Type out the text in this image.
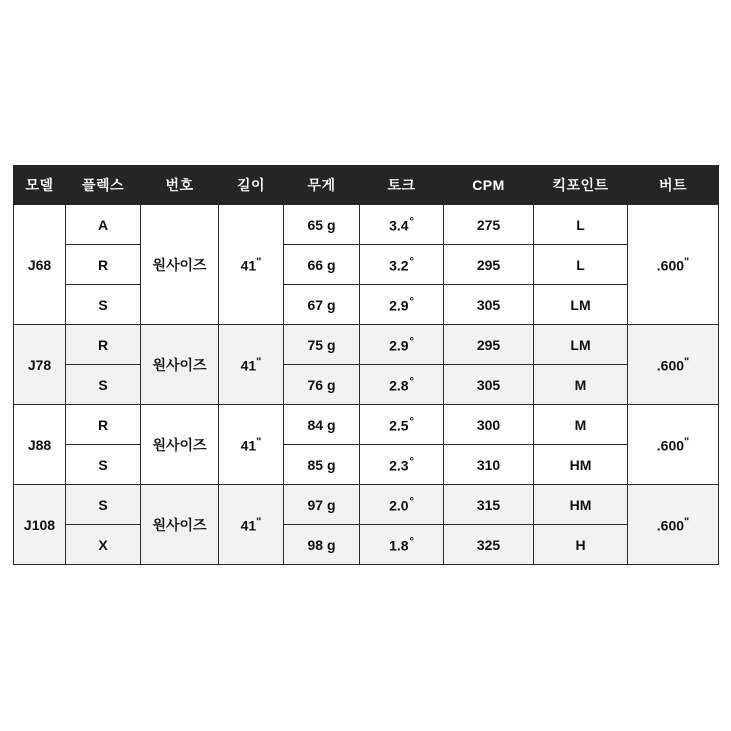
모델	플렉스	번호	길이	무게	토크	CPM	킥포인트	버트
J68	A	원사이즈	41"	65 g	3.4°	275	L	.600"
	R			66 g	3.2°	295	L	
	S			67 g	2.9°	305	LM	
J78	R	원사이즈	41"	75 g	2.9°	295	LM	.600"
	S			76 g	2.8°	305	M	
J88	R	원사이즈	41"	84 g	2.5°	300	M	.600"
	S			85 g	2.3°	310	HM	
J108	S	원사이즈	41"	97 g	2.0°	315	HM	.600"
	X			98 g	1.8°	325	H	
